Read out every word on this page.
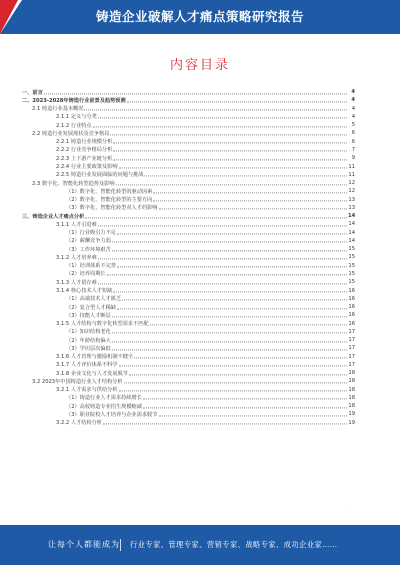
铸造企业破解人才痛点策略研究报告
内容目录
一、前言	4
二、2023-2028年铸造行业前景及趋势预测	4
2.1 铸造行业基本概况	4
2.1.1 定义与分类	4
2.1.2 行业特点	5
2.2 铸造行业发展现状及竞争格局	6
2.2.1 铸造行业规模分析	6
2.2.2 行业竞争格局分析	7
2.2.3 上下游产业链分析	9
2.2.4 行业主要政策及影响	11
2.2.5 铸造行业发展面临的问题与挑战	11
2.3 数字化、智能化转型趋势及影响	12
（1）数字化、智能化转型的驱动因素	12
（2）数字化、智能化转型的主要方向	13
（3）数字化、智能化转型对人才的影响	13
三、铸造企业人才痛点分析	14
3.1.1 人才引进难	14
（1）行业吸引力不足	14
（2）薪酬竞争力弱	14
（3）工作环境艰苦	15
3.1.2 人才培养难	15
（1）培训体系不完善	15
（2）培养周期长	15
3.1.3 人才留存难	15
3.1.4 核心技术人才短缺	16
（1）高端技术人才匮乏	16
（2）复合型人才稀缺	16
（3）技能人才断层	16
3.1.5 人才结构与数字化转型需求不匹配	16
（1）知识结构老化	17
（2）年龄结构偏大	17
（3）学历层次偏低	17
3.1.6 人才管理与激励机制不健全	17
3.1.7 人才评价体系不科学	17
3.1.8 企业文化与人才发展脱节	18
3.2 2023年中国铸造行业人才结构分析	18
3.2.1 人才需求与供给分析	18
（1）铸造行业人才需求持续增长	18
（2）高校铸造专业招生规模缩减	18
（3）职业院校人才培养与企业需求脱节	19
3.2.2 人才结构分析	19
·
让每个人都能成为 行业专家、管理专家、营销专家、战略专家、成功企业家……
